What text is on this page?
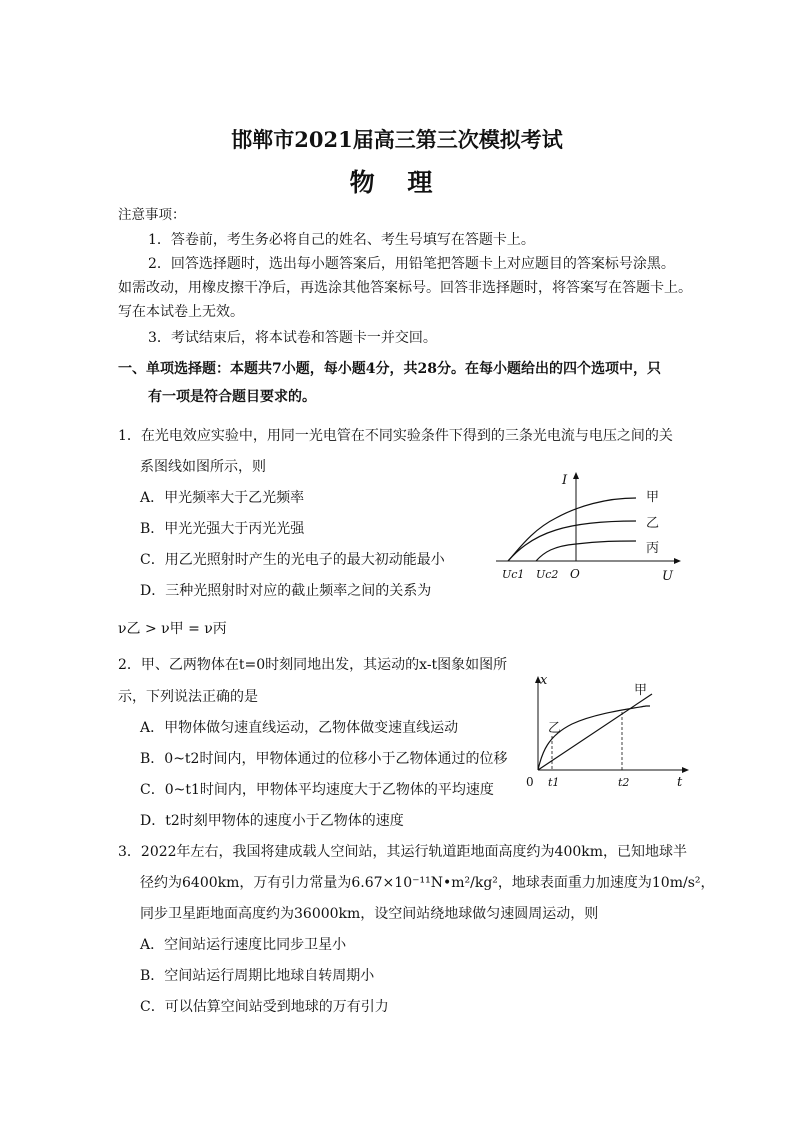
邯郸市2021届高三第三次模拟考试
物 理
注意事项：
1．答卷前，考生务必将自己的姓名、考生号填写在答题卡上。
2．回答选择题时，选出每小题答案后，用铅笔把答题卡上对应题目的答案标号涂黑。
如需改动，用橡皮擦干净后，再选涂其他答案标号。回答非选择题时，将答案写在答题卡上。
写在本试卷上无效。
3．考试结束后，将本试卷和答题卡一并交回。
一、单项选择题：本题共7小题，每小题4分，共28分。在每小题给出的四个选项中，只
有一项是符合题目要求的。
1．在光电效应实验中，用同一光电管在不同实验条件下得到的三条光电流与电压之间的关
系图线如图所示，则
A．甲光频率大于乙光频率
B．甲光光强大于丙光光强
C．用乙光照射时产生的光电子的最大初动能最小
D．三种光照射时对应的截止频率之间的关系为
ν乙 > ν甲 = ν丙
I
U
O
Uc1 Uc2
甲
乙
丙
2．甲、乙两物体在t=0时刻同地出发，其运动的x-t图象如图所
示，下列说法正确的是
A．甲物体做匀速直线运动，乙物体做变速直线运动
B．0~t2时间内，甲物体通过的位移小于乙物体通过的位移
C．0~t1时间内，甲物体平均速度大于乙物体的平均速度
D．t2时刻甲物体的速度小于乙物体的速度
x
t
0 t1	t2
甲
乙
3．2022年左右，我国将建成载人空间站，其运行轨道距地面高度约为400km，已知地球半
径约为6400km，万有引力常量为6.67×10⁻¹¹N•m²/kg²，地球表面重力加速度为10m/s²，
同步卫星距地面高度约为36000km，设空间站绕地球做匀速圆周运动，则
A．空间站运行速度比同步卫星小
B．空间站运行周期比地球自转周期小
C．可以估算空间站受到地球的万有引力
